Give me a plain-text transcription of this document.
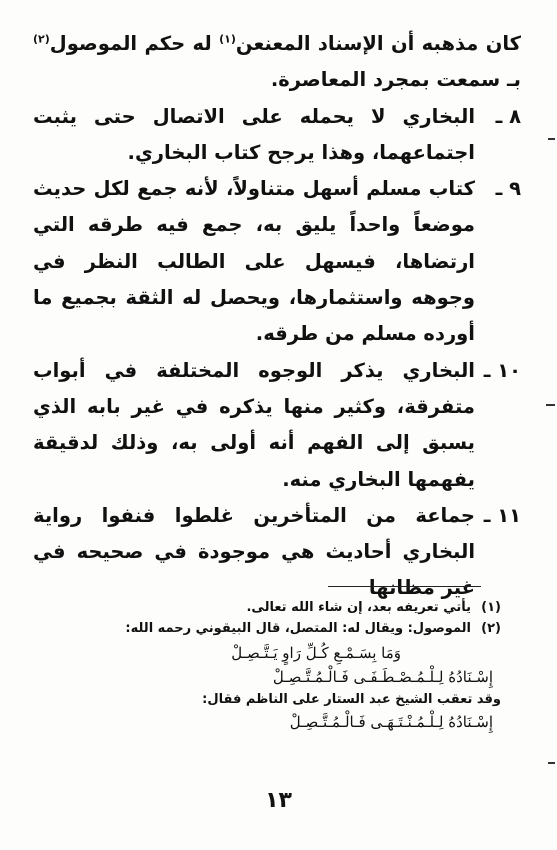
كان مذهبه أن الإسناد المعنعن$^{(١)}$ له حكم الموصول$^{(٢)}$ بـ سمعت بمجرد المعاصرة.
٨ ـ
البخاري لا يحمله على الاتصال حتى يثبت اجتماعهما، وهذا يرجح كتاب البخاري.
٩ ـ
كتاب مسلم أسهل متناولاً، لأنه جمع لكل حديث موضعاً واحداً يليق به، جمع فيه طرقه التي ارتضاها، فيسهل على الطالب النظر في وجوهه واستثمارها، ويحصل له الثقة بجميع ما أورده مسلم من طرقه.
١٠ ـ
البخاري يذكر الوجوه المختلفة في أبواب متفرقة، وكثير منها يذكره في غير بابه الذي يسبق إلى الفهم أنه أولى به، وذلك لدقيقة يفهمها البخاري منه.
١١ ـ
جماعة من المتأخرين غلطوا فنفوا رواية البخاري أحاديث هي موجودة في صحيحه في غير مظانها
(١)
يأتي تعريفه بعد، إن شاء الله تعالى.
(٢)
الموصول: ويقال له: المتصل، قال البيقوني رحمه الله:
وَمَا بِسَـمْـعِ كُـلِّ رَاوٍ يَـتَّـصِـلْ
إِسْـنَادُهُ لِـلْـمُـصْـطَـفَـى فَـالْـمُـتَّـصِـلْ
وقد تعقب الشيخ عبد الستار على الناظم فقال:
إِسْـنَادُهُ لِـلْـمُـنْـتَـهَـى فَـالْـمُـتَّـصِـلْ
١٣
